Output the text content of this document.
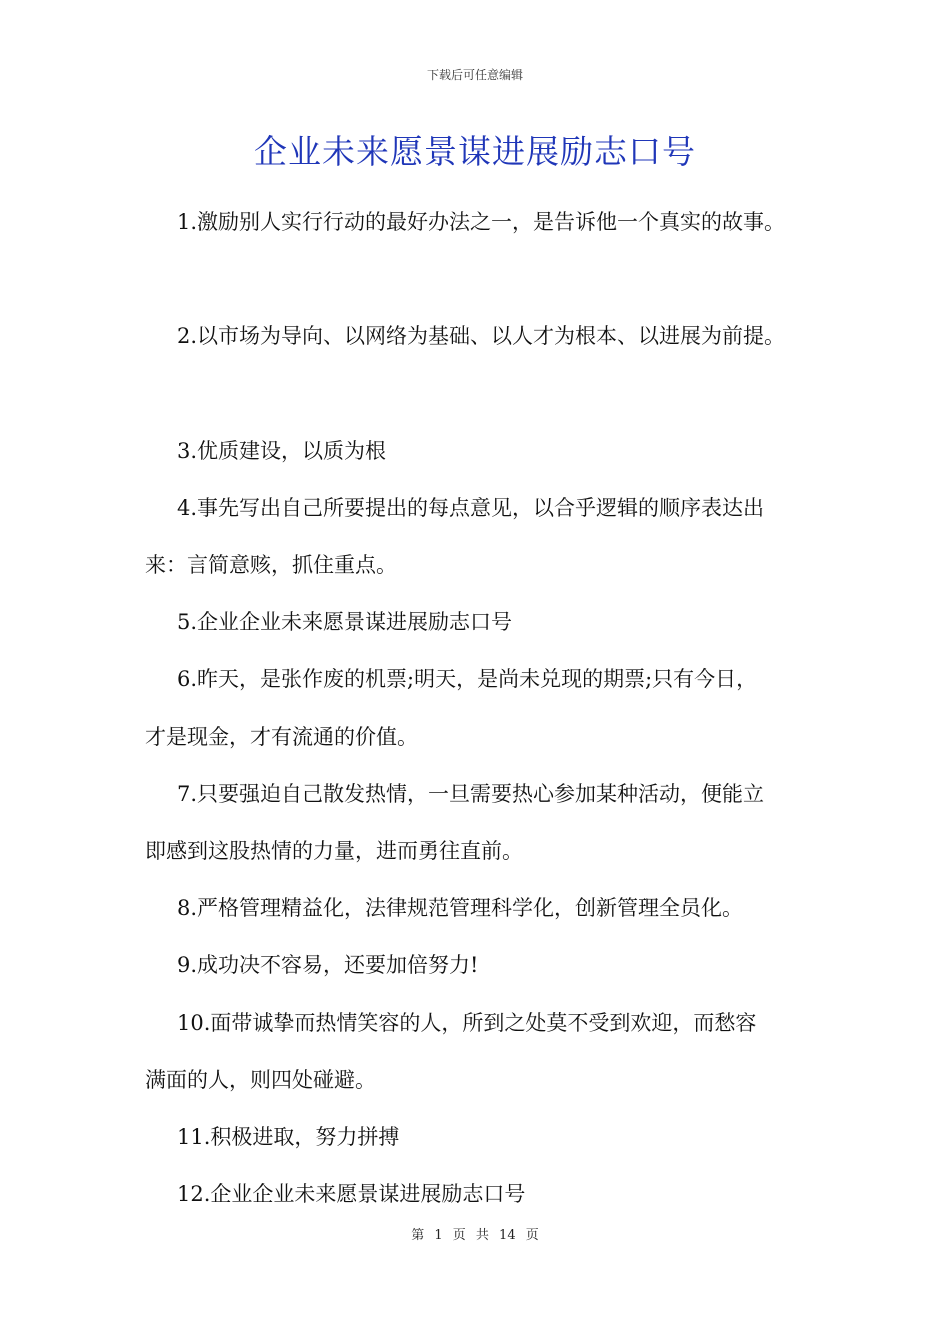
下载后可任意编辑
企业未来愿景谋进展励志口号
1.激励别人实行行动的最好办法之一，是告诉他一个真实的故事。
2.以市场为导向、以网络为基础、以人才为根本、以进展为前提。
3.优质建设，以质为根
4.事先写出自己所要提出的每点意见，以合乎逻辑的顺序表达出
来：言简意赅，抓住重点。
5.企业企业未来愿景谋进展励志口号
6.昨天，是张作废的机票;明天，是尚未兑现的期票;只有今日，
才是现金，才有流通的价值。
7.只要强迫自己散发热情，一旦需要热心参加某种活动，便能立
即感到这股热情的力量，进而勇往直前。
8.严格管理精益化，法律规范管理科学化，创新管理全员化。
9.成功决不容易，还要加倍努力!
10.面带诚挚而热情笑容的人，所到之处莫不受到欢迎，而愁容
满面的人，则四处碰避。
11.积极进取，努力拼搏
12.企业企业未来愿景谋进展励志口号
第 1 页 共 14 页
